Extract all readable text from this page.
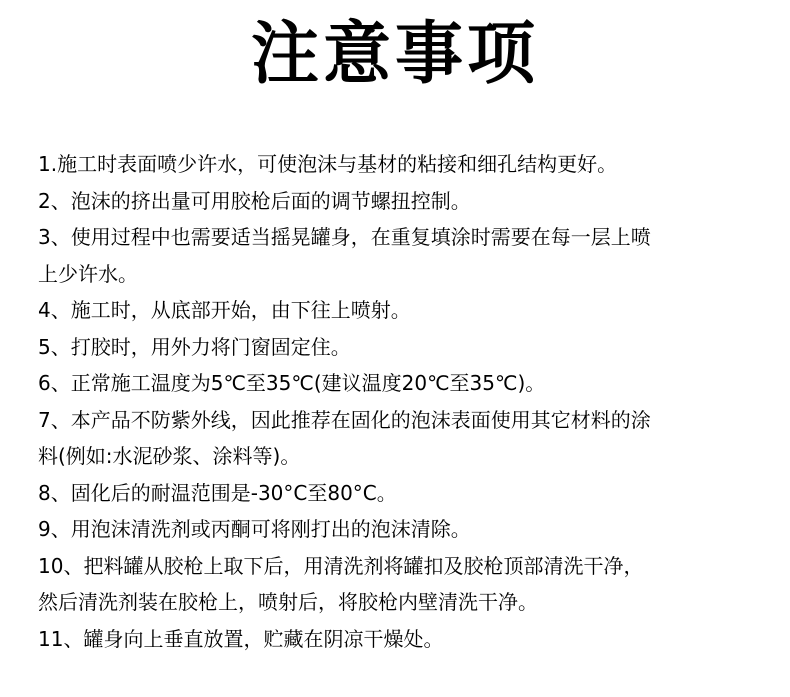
注意事项
1.施工时表面喷少许水，可使泡沫与基材的粘接和细孔结构更好。
2、泡沫的挤出量可用胶枪后面的调节螺扭控制。
3、使用过程中也需要适当摇晃罐身，在重复填涂时需要在每一层上喷
上少许水。
4、施工时，从底部开始，由下往上喷射。
5、打胶时，用外力将门窗固定住。
6、正常施工温度为5℃至35℃(建议温度20℃至35℃)。
7、本产品不防紫外线，因此推荐在固化的泡沫表面使用其它材料的涂
料(例如:水泥砂浆、涂料等)。
8、固化后的耐温范围是-30°C至80°C。
9、用泡沫清洗剂或丙酮可将刚打出的泡沫清除。
10、把料罐从胶枪上取下后，用清洗剂将罐扣及胶枪顶部清洗干净，
然后清洗剂装在胶枪上，喷射后，将胶枪内壁清洗干净。
11、罐身向上垂直放置，贮藏在阴凉干燥处。
